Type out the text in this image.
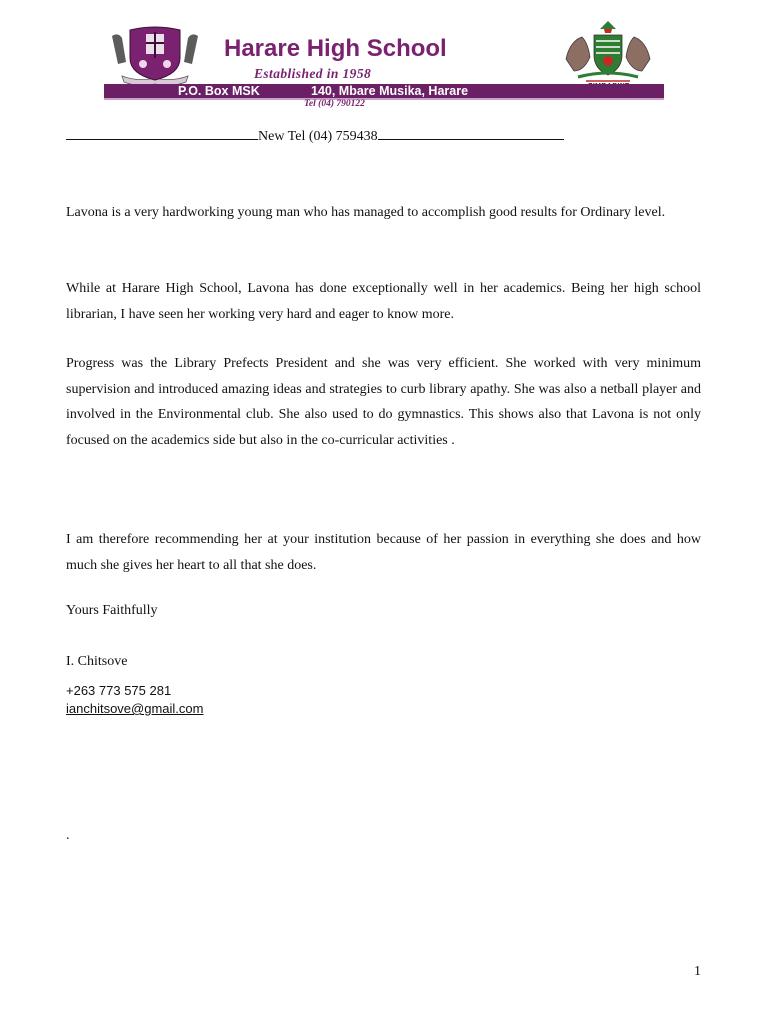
Harare High School
Established in 1958
P.O. Box MSK	140, Mbare Musika, Harare
Tel (04) 790122
New Tel (04) 759438

Lavona is a very hardworking young man who has managed to accomplish good results for Ordinary level.

While at Harare High School, Lavona has done exceptionally well in her academics. Being her high school librarian, I have seen her working very hard and eager to know more.

Progress was the Library Prefects President and she was very efficient. She worked with very minimum supervision and introduced amazing ideas and strategies to curb library apathy. She was also a netball player and involved in the Environmental club. She also used to do gymnastics. This shows also that Lavona is not only focused on the academics side but also in the co-curricular activities .

I am therefore recommending her at your institution because of her passion in everything she does and how much she gives her heart to all that she does.

Yours Faithfully
I. Chitsove
+263 773 575 281
ianchitsove@gmail.com
.
1
